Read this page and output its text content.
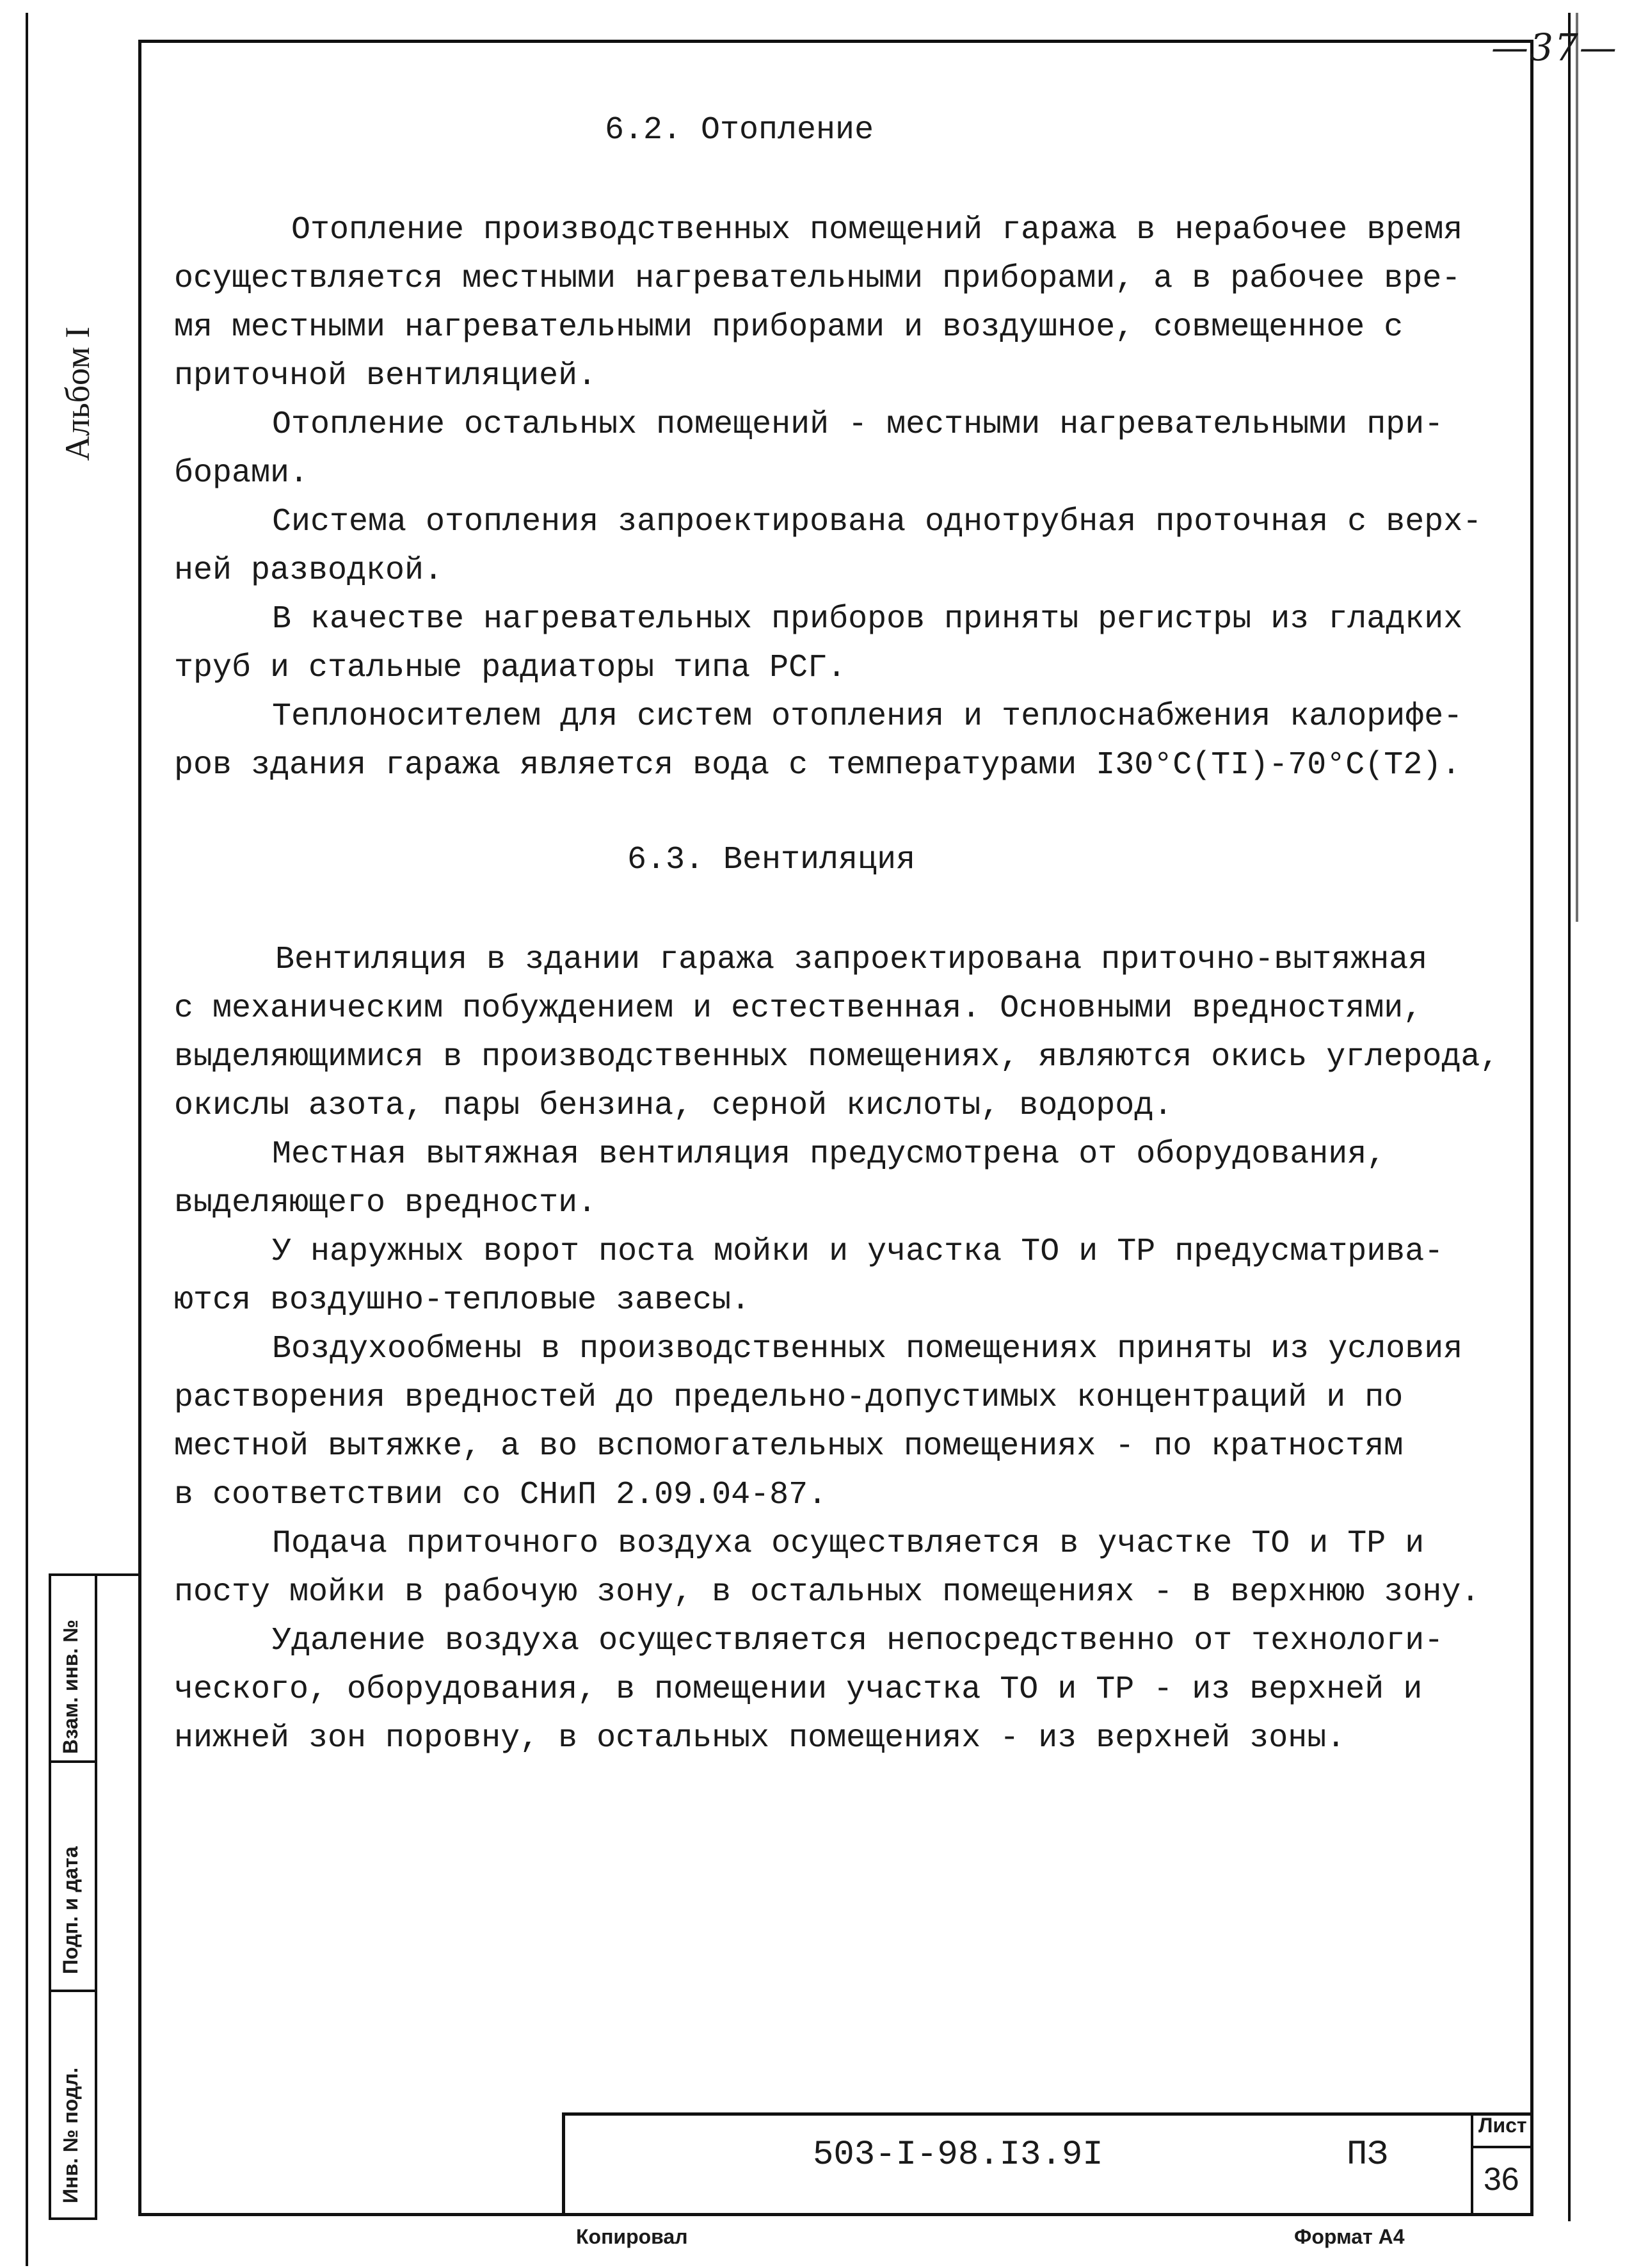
—37—
Альбом I
6.2. Отопление
Отопление производственных помещений гаража в нерабочее время
осуществляется местными нагревательными приборами, а в рабочее вре-
мя местными нагревательными приборами и воздушное, совмещенное с
приточной вентиляцией.
Отопление остальных помещений - местными нагревательными при-
борами.
Система отопления запроектирована однотрубная проточная с верх-
ней разводкой.
В качестве нагревательных приборов приняты регистры из гладких
труб и стальные радиаторы типа РСГ.
Теплоносителем для систем отопления и теплоснабжения калорифе-
ров здания гаража является вода с температурами I30°С(TI)-70°С(T2).
6.3. Вентиляция
Вентиляция в здании гаража запроектирована приточно-вытяжная
с механическим побуждением и естественная. Основными вредностями,
выделяющимися в производственных помещениях, являются окись углерода,
окислы азота, пары бензина, серной кислоты, водород.
Местная вытяжная вентиляция предусмотрена от оборудования,
выделяющего вредности.
У наружных ворот поста мойки и участка ТО и ТР предусматрива-
ются воздушно-тепловые завесы.
Воздухообмены в производственных помещениях приняты из условия
растворения вредностей до предельно-допустимых концентраций и по
местной вытяжке, а во вспомогательных помещениях - по кратностям
в соответствии со СНиП 2.09.04-87.
Подача приточного воздуха осуществляется в участке ТО и ТР и
посту мойки в рабочую зону, в остальных помещениях - в верхнюю зону.
Удаление воздуха осуществляется непосредственно от технологи-
ческого, оборудования, в помещении участка ТО и ТР - из верхней и
нижней зон поровну, в остальных помещениях - из верхней зоны.
Взам. инв. №
Подп. и дата
Инв. № подл.	503-I-98.I3.9I	ПЗ
Лист
36
Копировал	Формат А4
